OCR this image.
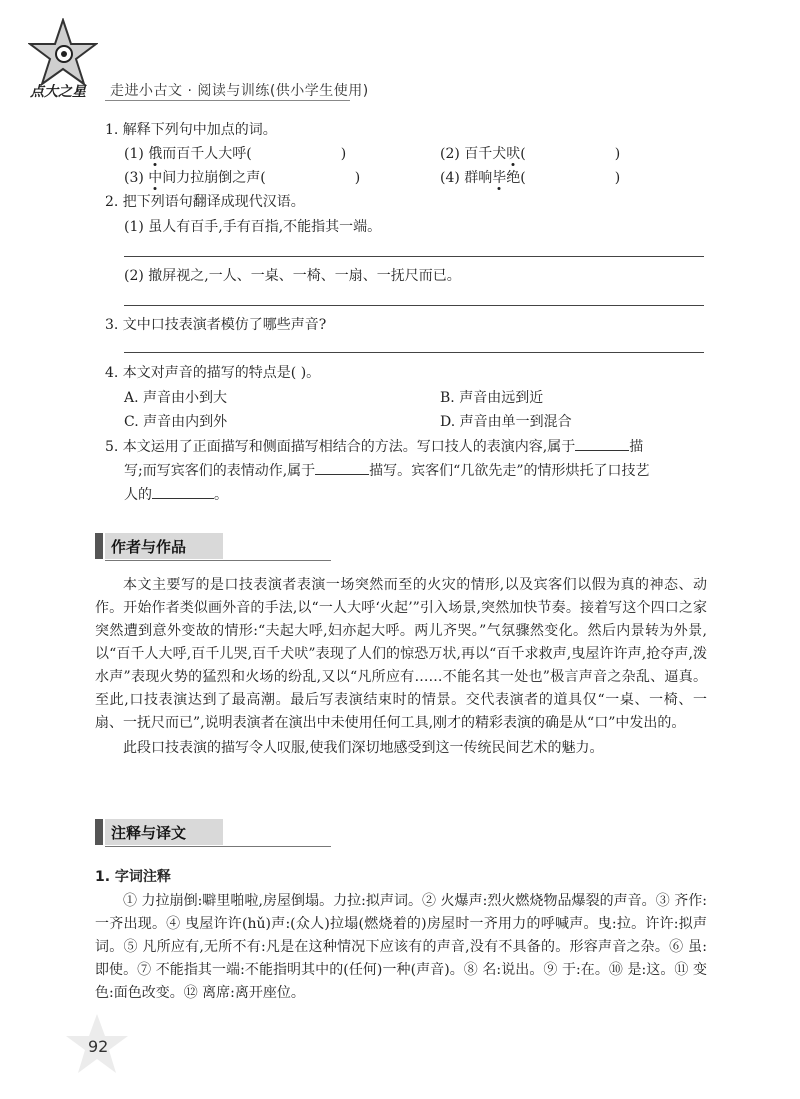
点大之星 走进小古文 · 阅读与训练(供小学生使用)
1. 解释下列句中加点的词。
(1) 俄而百千人大呼(                    )	(2) 百千犬吠(                    )
(3) 中间力拉崩倒之声(                    )	(4) 群响毕绝(                    )
2. 把下列语句翻译成现代汉语。
(1) 虽人有百手,手有百指,不能指其一端。
(2) 撤屏视之,一人、一桌、一椅、一扇、一抚尺而已。
3. 文中口技表演者模仿了哪些声音?
4. 本文对声音的描写的特点是( )。
A. 声音由小到大	B. 声音由远到近
C. 声音由内到外	D. 声音由单一到混合
5. 本文运用了正面描写和侧面描写相结合的方法。写口技人的表演内容,属于	描
写;而写宾客们的表情动作,属于	描写。宾客们“几欲先走”的情形烘托了口技艺
人的	。
作者与作品

本文主要写的是口技表演者表演一场突然而至的火灾的情形,以及宾客们以假为真的神态、动作。开始作者类似画外音的手法,以“一人大呼‘火起’”引入场景,突然加快节奏。接着写这个四口之家突然遭到意外变故的情形:“夫起大呼,妇亦起大呼。两儿齐哭。”气氛骤然变化。然后内景转为外景,以“百千人大呼,百千儿哭,百千犬吠”表现了人们的惊恐万状,再以“百千求救声,曳屋许许声,抢夺声,泼水声”表现火势的猛烈和火场的纷乱,又以“凡所应有……不能名其一处也”极言声音之杂乱、逼真。至此,口技表演达到了最高潮。最后写表演结束时的情景。交代表演者的道具仅“一桌、一椅、一扇、一抚尺而已”,说明表演者在演出中未使用任何工具,刚才的精彩表演的确是从“口”中发出的。

此段口技表演的描写令人叹服,使我们深切地感受到这一传统民间艺术的魅力。

注释与译文
1. 字词注释

① 力拉崩倒:噼里啪啦,房屋倒塌。力拉:拟声词。② 火爆声:烈火燃烧物品爆裂的声音。③ 齐作:一齐出现。④ 曳屋许许(hǔ)声:(众人)拉塌(燃烧着的)房屋时一齐用力的呼喊声。曳:拉。许许:拟声词。⑤ 凡所应有,无所不有:凡是在这种情况下应该有的声音,没有不具备的。形容声音之杂。⑥ 虽:即使。⑦ 不能指其一端:不能指明其中的(任何)一种(声音)。⑧ 名:说出。⑨ 于:在。⑩ 是:这。⑪ 变色:面色改变。⑫ 离席:离开座位。

92
